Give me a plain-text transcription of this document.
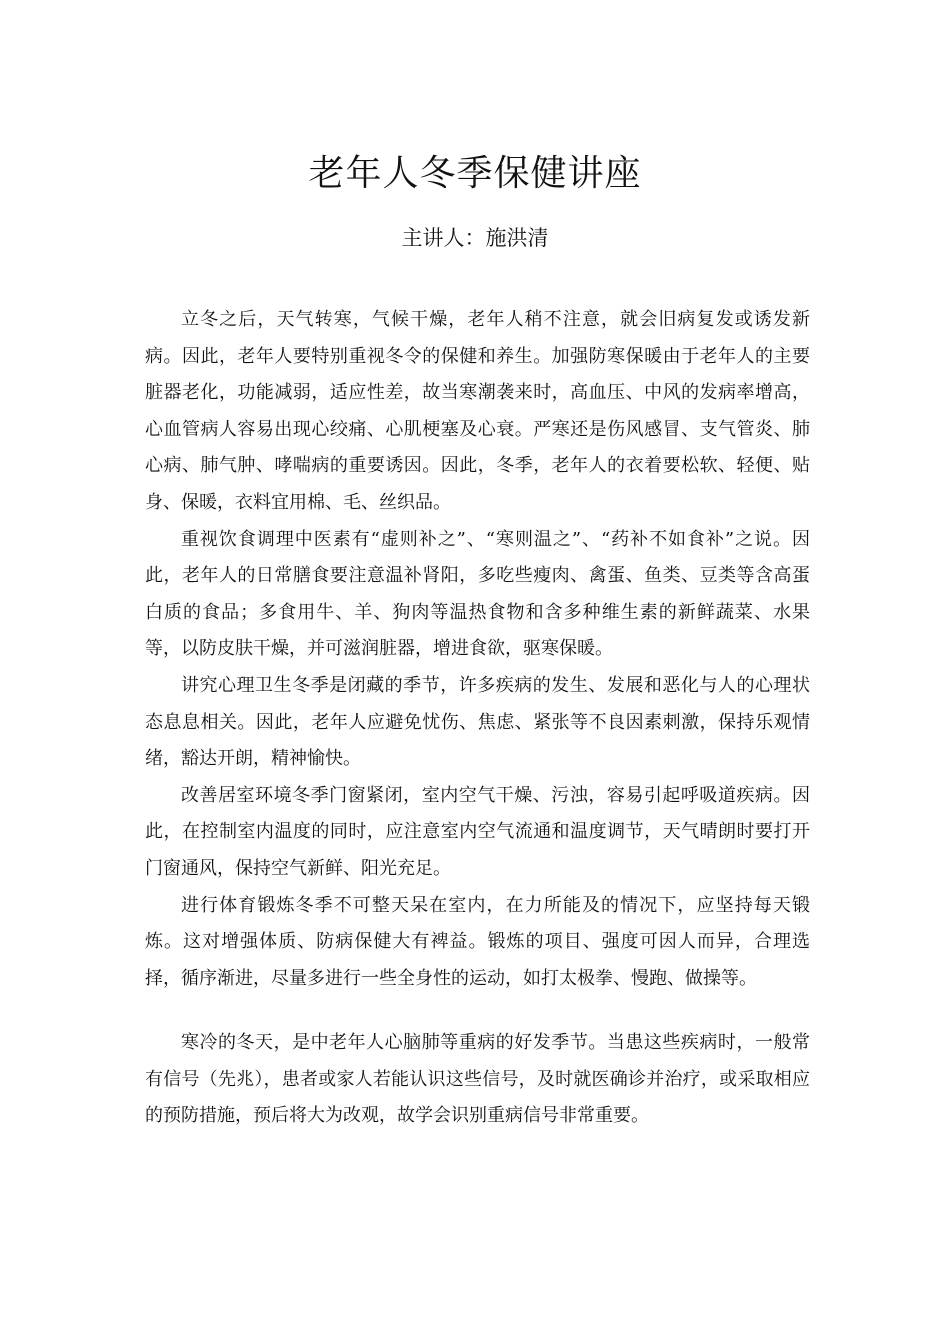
老年人冬季保健讲座
主讲人：施洪清

立冬之后，天气转寒，气候干燥，老年人稍不注意，就会旧病复发或诱发新病。因此，老年人要特别重视冬令的保健和养生。加强防寒保暖由于老年人的主要脏器老化，功能减弱，适应性差，故当寒潮袭来时，高血压、中风的发病率增高，心血管病人容易出现心绞痛、心肌梗塞及心衰。严寒还是伤风感冒、支气管炎、肺心病、肺气肿、哮喘病的重要诱因。因此，冬季，老年人的衣着要松软、轻便、贴身、保暖，衣料宜用棉、毛、丝织品。

重视饮食调理中医素有“虚则补之”、“寒则温之”、“药补不如食补”之说。因此，老年人的日常膳食要注意温补肾阳，多吃些瘦肉、禽蛋、鱼类、豆类等含高蛋白质的食品；多食用牛、羊、狗肉等温热食物和含多种维生素的新鲜蔬菜、水果等，以防皮肤干燥，并可滋润脏器，增进食欲，驱寒保暖。

讲究心理卫生冬季是闭藏的季节，许多疾病的发生、发展和恶化与人的心理状态息息相关。因此，老年人应避免忧伤、焦虑、紧张等不良因素刺激，保持乐观情绪，豁达开朗，精神愉快。

改善居室环境冬季门窗紧闭，室内空气干燥、污浊，容易引起呼吸道疾病。因此，在控制室内温度的同时，应注意室内空气流通和温度调节，天气晴朗时要打开门窗通风，保持空气新鲜、阳光充足。

进行体育锻炼冬季不可整天呆在室内，在力所能及的情况下，应坚持每天锻炼。这对增强体质、防病保健大有裨益。锻炼的项目、强度可因人而异，合理选择，循序渐进，尽量多进行一些全身性的运动，如打太极拳、慢跑、做操等。

寒冷的冬天，是中老年人心脑肺等重病的好发季节。当患这些疾病时，一般常有信号（先兆），患者或家人若能认识这些信号，及时就医确诊并治疗，或采取相应的预防措施，预后将大为改观，故学会识别重病信号非常重要。
